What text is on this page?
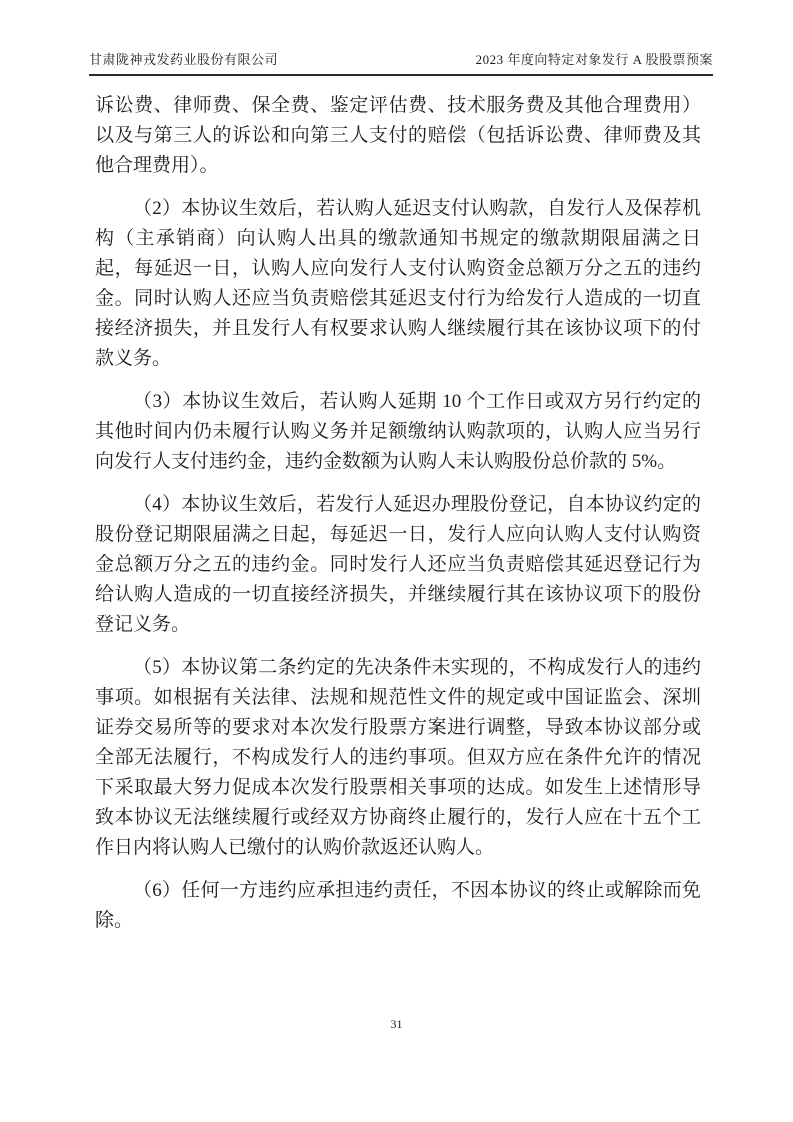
甘肃陇神戎发药业股份有限公司	2023 年度向特定对象发行 A 股股票预案

诉讼费、律师费、保全费、鉴定评估费、技术服务费及其他合理费用）以及与第三人的诉讼和向第三人支付的赔偿（包括诉讼费、律师费及其他合理费用）。

（2）本协议生效后，若认购人延迟支付认购款，自发行人及保荐机构（主承销商）向认购人出具的缴款通知书规定的缴款期限届满之日起，每延迟一日，认购人应向发行人支付认购资金总额万分之五的违约金。同时认购人还应当负责赔偿其延迟支付行为给发行人造成的一切直接经济损失，并且发行人有权要求认购人继续履行其在该协议项下的付款义务。

（3）本协议生效后，若认购人延期 10 个工作日或双方另行约定的其他时间内仍未履行认购义务并足额缴纳认购款项的，认购人应当另行向发行人支付违约金，违约金数额为认购人未认购股份总价款的 5%。

（4）本协议生效后，若发行人延迟办理股份登记，自本协议约定的股份登记期限届满之日起，每延迟一日，发行人应向认购人支付认购资金总额万分之五的违约金。同时发行人还应当负责赔偿其延迟登记行为给认购人造成的一切直接经济损失，并继续履行其在该协议项下的股份登记义务。

（5）本协议第二条约定的先决条件未实现的，不构成发行人的违约事项。如根据有关法律、法规和规范性文件的规定或中国证监会、深圳证券交易所等的要求对本次发行股票方案进行调整，导致本协议部分或全部无法履行，不构成发行人的违约事项。但双方应在条件允许的情况下采取最大努力促成本次发行股票相关事项的达成。如发生上述情形导致本协议无法继续履行或经双方协商终止履行的，发行人应在十五个工作日内将认购人已缴付的认购价款返还认购人。

（6）任何一方违约应承担违约责任，不因本协议的终止或解除而免除。

31
